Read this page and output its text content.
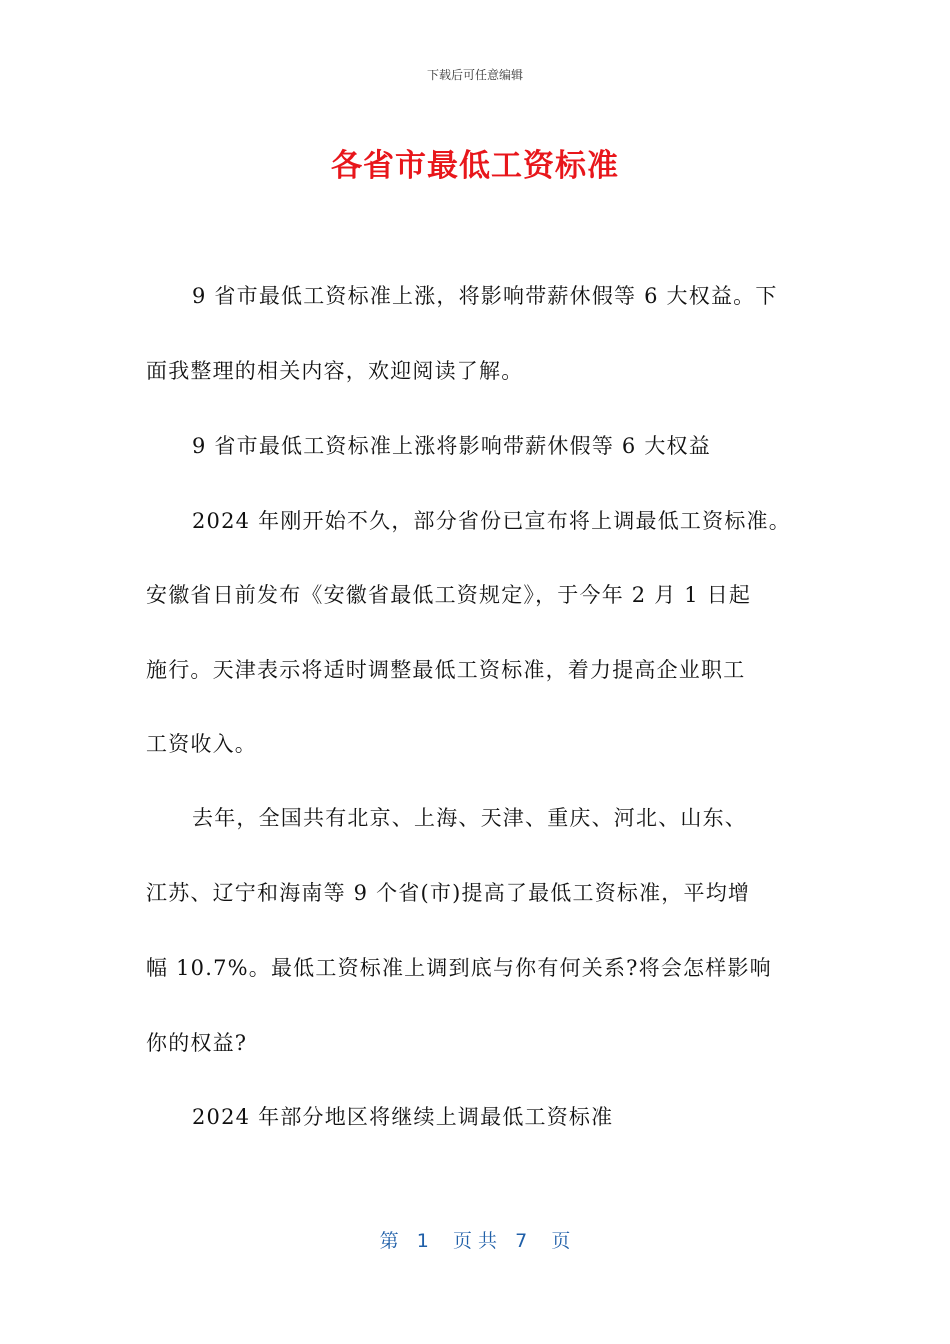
下载后可任意编辑
各省市最低工资标准
9 省市最低工资标准上涨，将影响带薪休假等 6 大权益。下
面我整理的相关内容，欢迎阅读了解。
9 省市最低工资标准上涨将影响带薪休假等 6 大权益
2024 年刚开始不久，部分省份已宣布将上调最低工资标准。
安徽省日前发布《安徽省最低工资规定》，于今年 2 月 1 日起
施行。天津表示将适时调整最低工资标准，着力提高企业职工
工资收入。
去年，全国共有北京、上海、天津、重庆、河北、山东、
江苏、辽宁和海南等 9 个省(市)提高了最低工资标准，平均增
幅 10.7%。最低工资标准上调到底与你有何关系?将会怎样影响
你的权益?
2024 年部分地区将继续上调最低工资标准
第   1    页 共   7    页
